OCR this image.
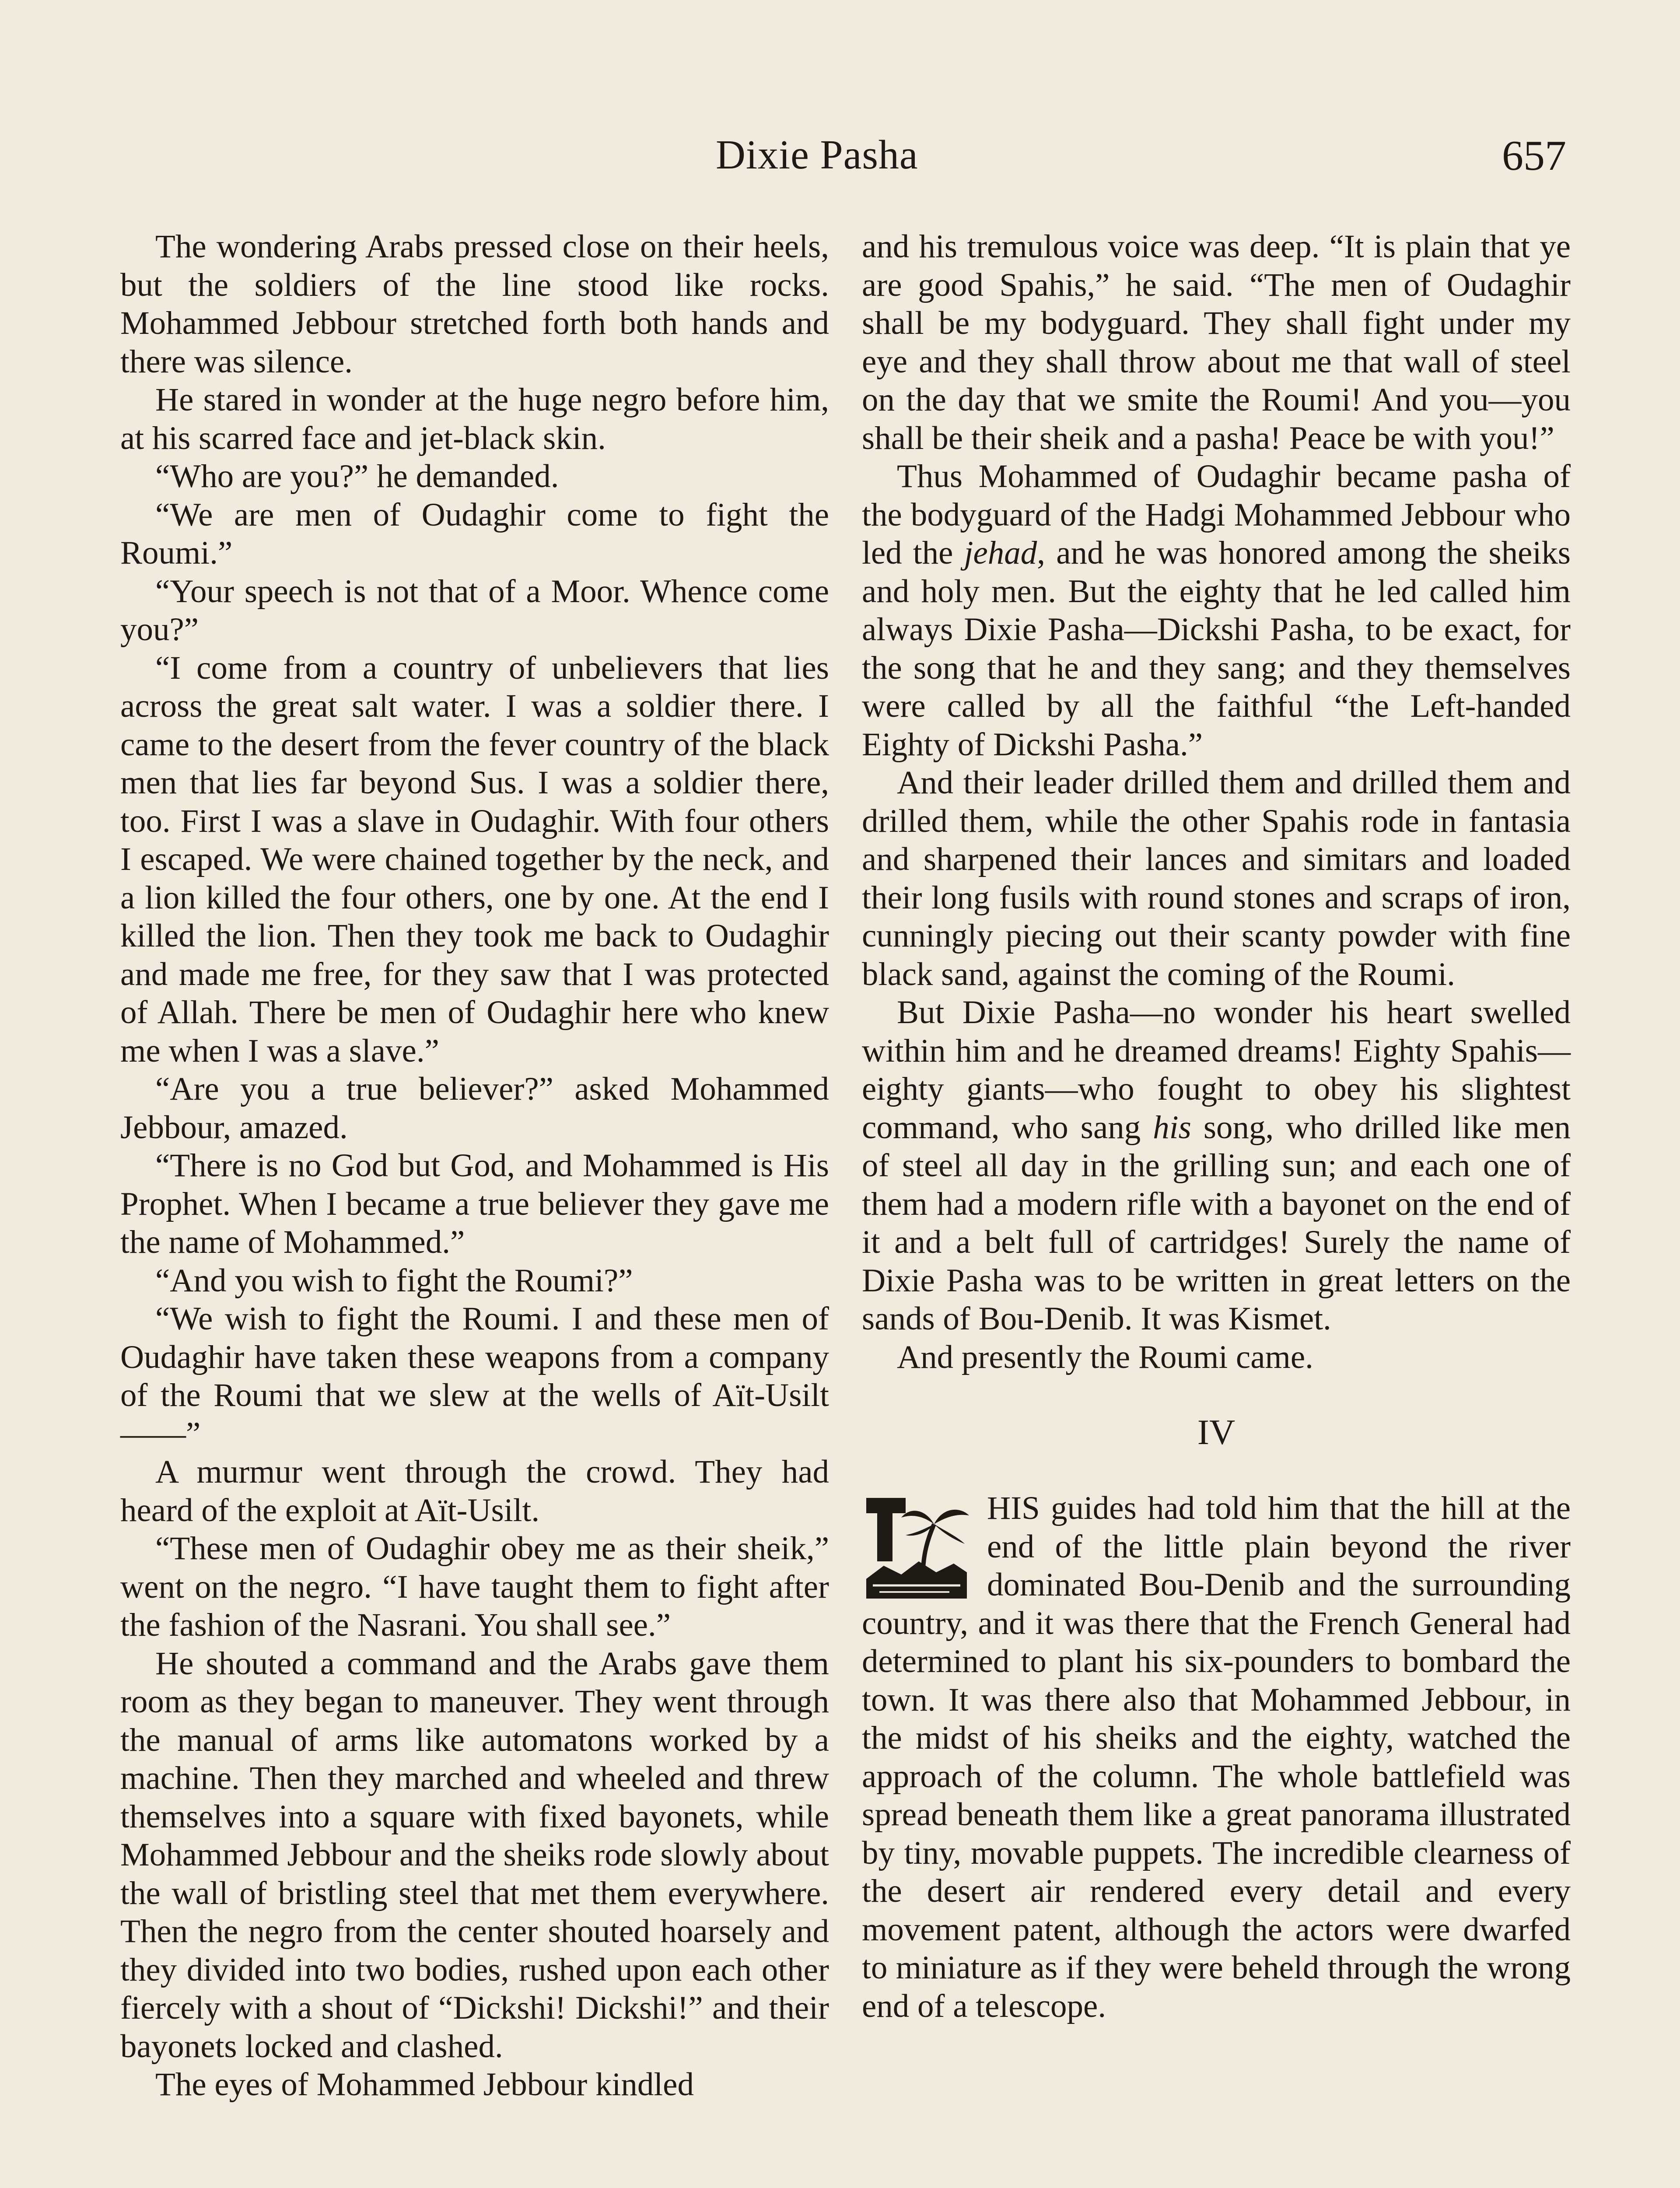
Dixie Pasha	657

The wondering Arabs pressed close on their heels, but the soldiers of the line stood like rocks. Mohammed Jebbour stretched forth both hands and there was silence.

He stared in wonder at the huge negro before him, at his scarred face and jet-black skin.

“Who are you?” he demanded.

“We are men of Oudaghir come to fight the Roumi.”

“Your speech is not that of a Moor. Whence come you?”

“I come from a country of unbelievers that lies across the great salt water. I was a soldier there. I came to the desert from the fever country of the black men that lies far beyond Sus. I was a soldier there, too. First I was a slave in Oudaghir. With four others I escaped. We were chained together by the neck, and a lion killed the four others, one by one. At the end I killed the lion. Then they took me back to Oudaghir and made me free, for they saw that I was protected of Allah. There be men of Oudaghir here who knew me when I was a slave.”

“Are you a true believer?” asked Mohammed Jebbour, amazed.

“There is no God but God, and Mohammed is His Prophet. When I became a true believer they gave me the name of Mohammed.”

“And you wish to fight the Roumi?”

“We wish to fight the Roumi. I and these men of Oudaghir have taken these weapons from a company of the Roumi that we slew at the wells of Aït-Usilt——”

A murmur went through the crowd. They had heard of the exploit at Aït-Usilt.

“These men of Oudaghir obey me as their sheik,” went on the negro. “I have taught them to fight after the fashion of the Nasrani. You shall see.”

He shouted a command and the Arabs gave them room as they began to maneuver. They went through the manual of arms like automatons worked by a machine. Then they marched and wheeled and threw themselves into a square with fixed bayonets, while Mohammed Jebbour and the sheiks rode slowly about the wall of bristling steel that met them everywhere. Then the negro from the center shouted hoarsely and they divided into two bodies, rushed upon each other fiercely with a shout of “Dickshi! Dickshi!” and their bayonets locked and clashed.

The eyes of Mohammed Jebbour kindled

and his tremulous voice was deep. “It is plain that ye are good Spahis,” he said. “The men of Oudaghir shall be my bodyguard. They shall fight under my eye and they shall throw about me that wall of steel on the day that we smite the Roumi! And you—you shall be their sheik and a pasha! Peace be with you!”

Thus Mohammed of Oudaghir became pasha of the bodyguard of the Hadgi Mohammed Jebbour who led the jehad, and he was honored among the sheiks and holy men. But the eighty that he led called him always Dixie Pasha—Dickshi Pasha, to be exact, for the song that he and they sang; and they themselves were called by all the faithful “the Left-handed Eighty of Dickshi Pasha.”

And their leader drilled them and drilled them and drilled them, while the other Spahis rode in fantasia and sharpened their lances and simitars and loaded their long fusils with round stones and scraps of iron, cunningly piecing out their scanty powder with fine black sand, against the coming of the Roumi.

But Dixie Pasha—no wonder his heart swelled within him and he dreamed dreams! Eighty Spahis—eighty giants—who fought to obey his slightest command, who sang his song, who drilled like men of steel all day in the grilling sun; and each one of them had a modern rifle with a bayonet on the end of it and a belt full of cartridges! Surely the name of Dixie Pasha was to be written in great letters on the sands of Bou-Denib. It was Kismet.

And presently the Roumi came.

IV

HIS guides had told him that the hill at the end of the little plain beyond the river dominated Bou-Denib and the surrounding country, and it was there that the French General had determined to plant his six-pounders to bombard the town. It was there also that Mohammed Jebbour, in the midst of his sheiks and the eighty, watched the approach of the column. The whole battlefield was spread beneath them like a great panorama illustrated by tiny, movable puppets. The incredible clearness of the desert air rendered every detail and every movement patent, although the actors were dwarfed to miniature as if they were beheld through the wrong end of a telescope.
